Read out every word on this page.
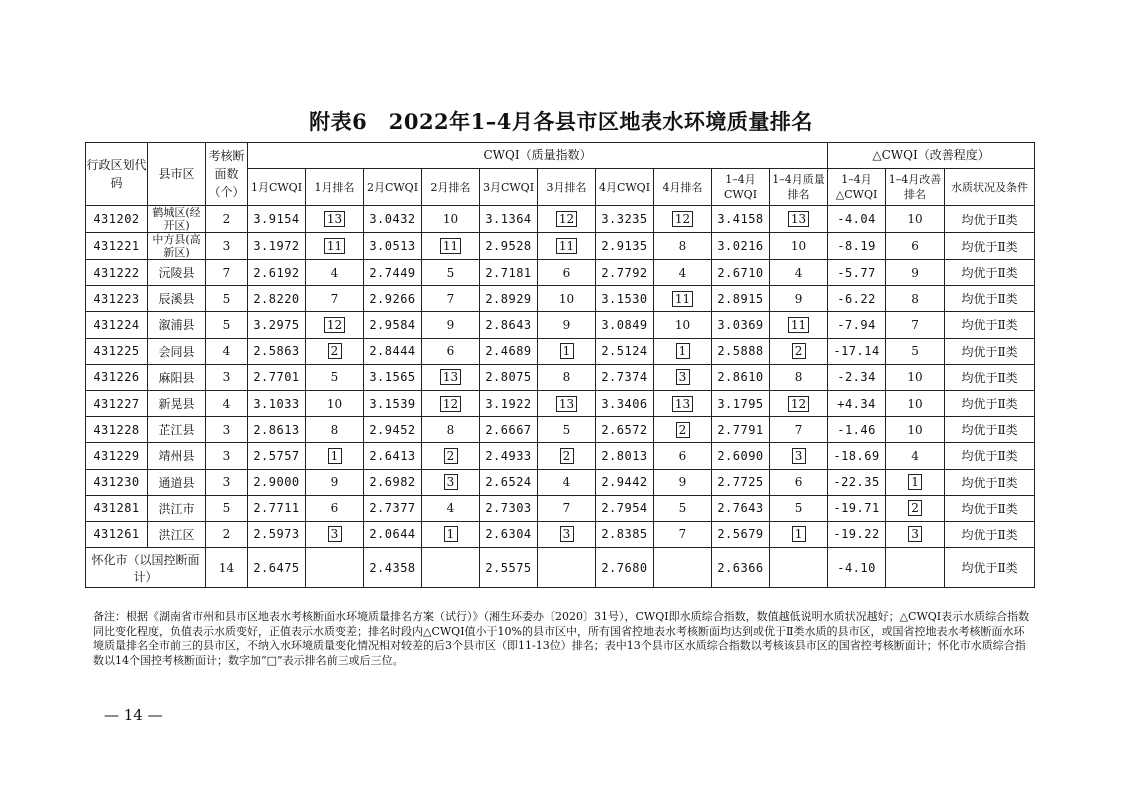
附表6　2022年1–4月各县市区地表水环境质量排名
行政区划代码	县市区	考核断面数（个）	CWQI（质量指数）										△CWQI（改善程度）		
			1月CWQI	1月排名	2月CWQI	2月排名	3月CWQI	3月排名	4月CWQI	4月排名	1–4月CWQI	1–4月质量排名	1–4月△CWQI	1–4月改善排名	水质状况及条件
431202	鹤城区(经开区)	2	3.9154	13	3.0432	10	3.1364	12	3.3235	12	3.4158	13	-4.04	10	均优于Ⅱ类
431221	中方县(高新区)	3	3.1972	11	3.0513	11	2.9528	11	2.9135	8	3.0216	10	-8.19	6	均优于Ⅱ类
431222	沅陵县	7	2.6192	4	2.7449	5	2.7181	6	2.7792	4	2.6710	4	-5.77	9	均优于Ⅱ类
431223	辰溪县	5	2.8220	7	2.9266	7	2.8929	10	3.1530	11	2.8915	9	-6.22	8	均优于Ⅱ类
431224	溆浦县	5	3.2975	12	2.9584	9	2.8643	9	3.0849	10	3.0369	11	-7.94	7	均优于Ⅱ类
431225	会同县	4	2.5863	2	2.8444	6	2.4689	1	2.5124	1	2.5888	2	-17.14	5	均优于Ⅱ类
431226	麻阳县	3	2.7701	5	3.1565	13	2.8075	8	2.7374	3	2.8610	8	-2.34	10	均优于Ⅱ类
431227	新晃县	4	3.1033	10	3.1539	12	3.1922	13	3.3406	13	3.1795	12	+4.34	10	均优于Ⅱ类
431228	芷江县	3	2.8613	8	2.9452	8	2.6667	5	2.6572	2	2.7791	7	-1.46	10	均优于Ⅱ类
431229	靖州县	3	2.5757	1	2.6413	2	2.4933	2	2.8013	6	2.6090	3	-18.69	4	均优于Ⅱ类
431230	通道县	3	2.9000	9	2.6982	3	2.6524	4	2.9442	9	2.7725	6	-22.35	1	均优于Ⅱ类
431281	洪江市	5	2.7711	6	2.7377	4	2.7303	7	2.7954	5	2.7643	5	-19.71	2	均优于Ⅱ类
431261	洪江区	2	2.5973	3	2.0644	1	2.6304	3	2.8385	7	2.5679	1	-19.22	3	均优于Ⅱ类
怀化市（以国控断面计）		14	2.6475		2.4358		2.5575		2.7680		2.6366		-4.10		均优于Ⅱ类
备注：根据《湖南省市州和县市区地表水考核断面水环境质量排名方案（试行）》（湘生环委办〔2020〕31号），CWQI即水质综合指数，数值越低说明水质状况越好；△CWQI表示水质综合指数同比变化程度，负值表示水质变好，正值表示水质变差；排名时段内△CWQI值小于10%的县市区中，所有国省控地表水考核断面均达到或优于Ⅱ类水质的县市区，或国省控地表水考核断面水环境质量排名全市前三的县市区，不纳入水环境质量变化情况相对较差的后3个县市区（即11-13位）排名；表中13个县市区水质综合指数以考核该县市区的国省控考核断面计；怀化市水质综合指数以14个国控考核断面计；数字加“□”表示排名前三或后三位。
— 14 —
